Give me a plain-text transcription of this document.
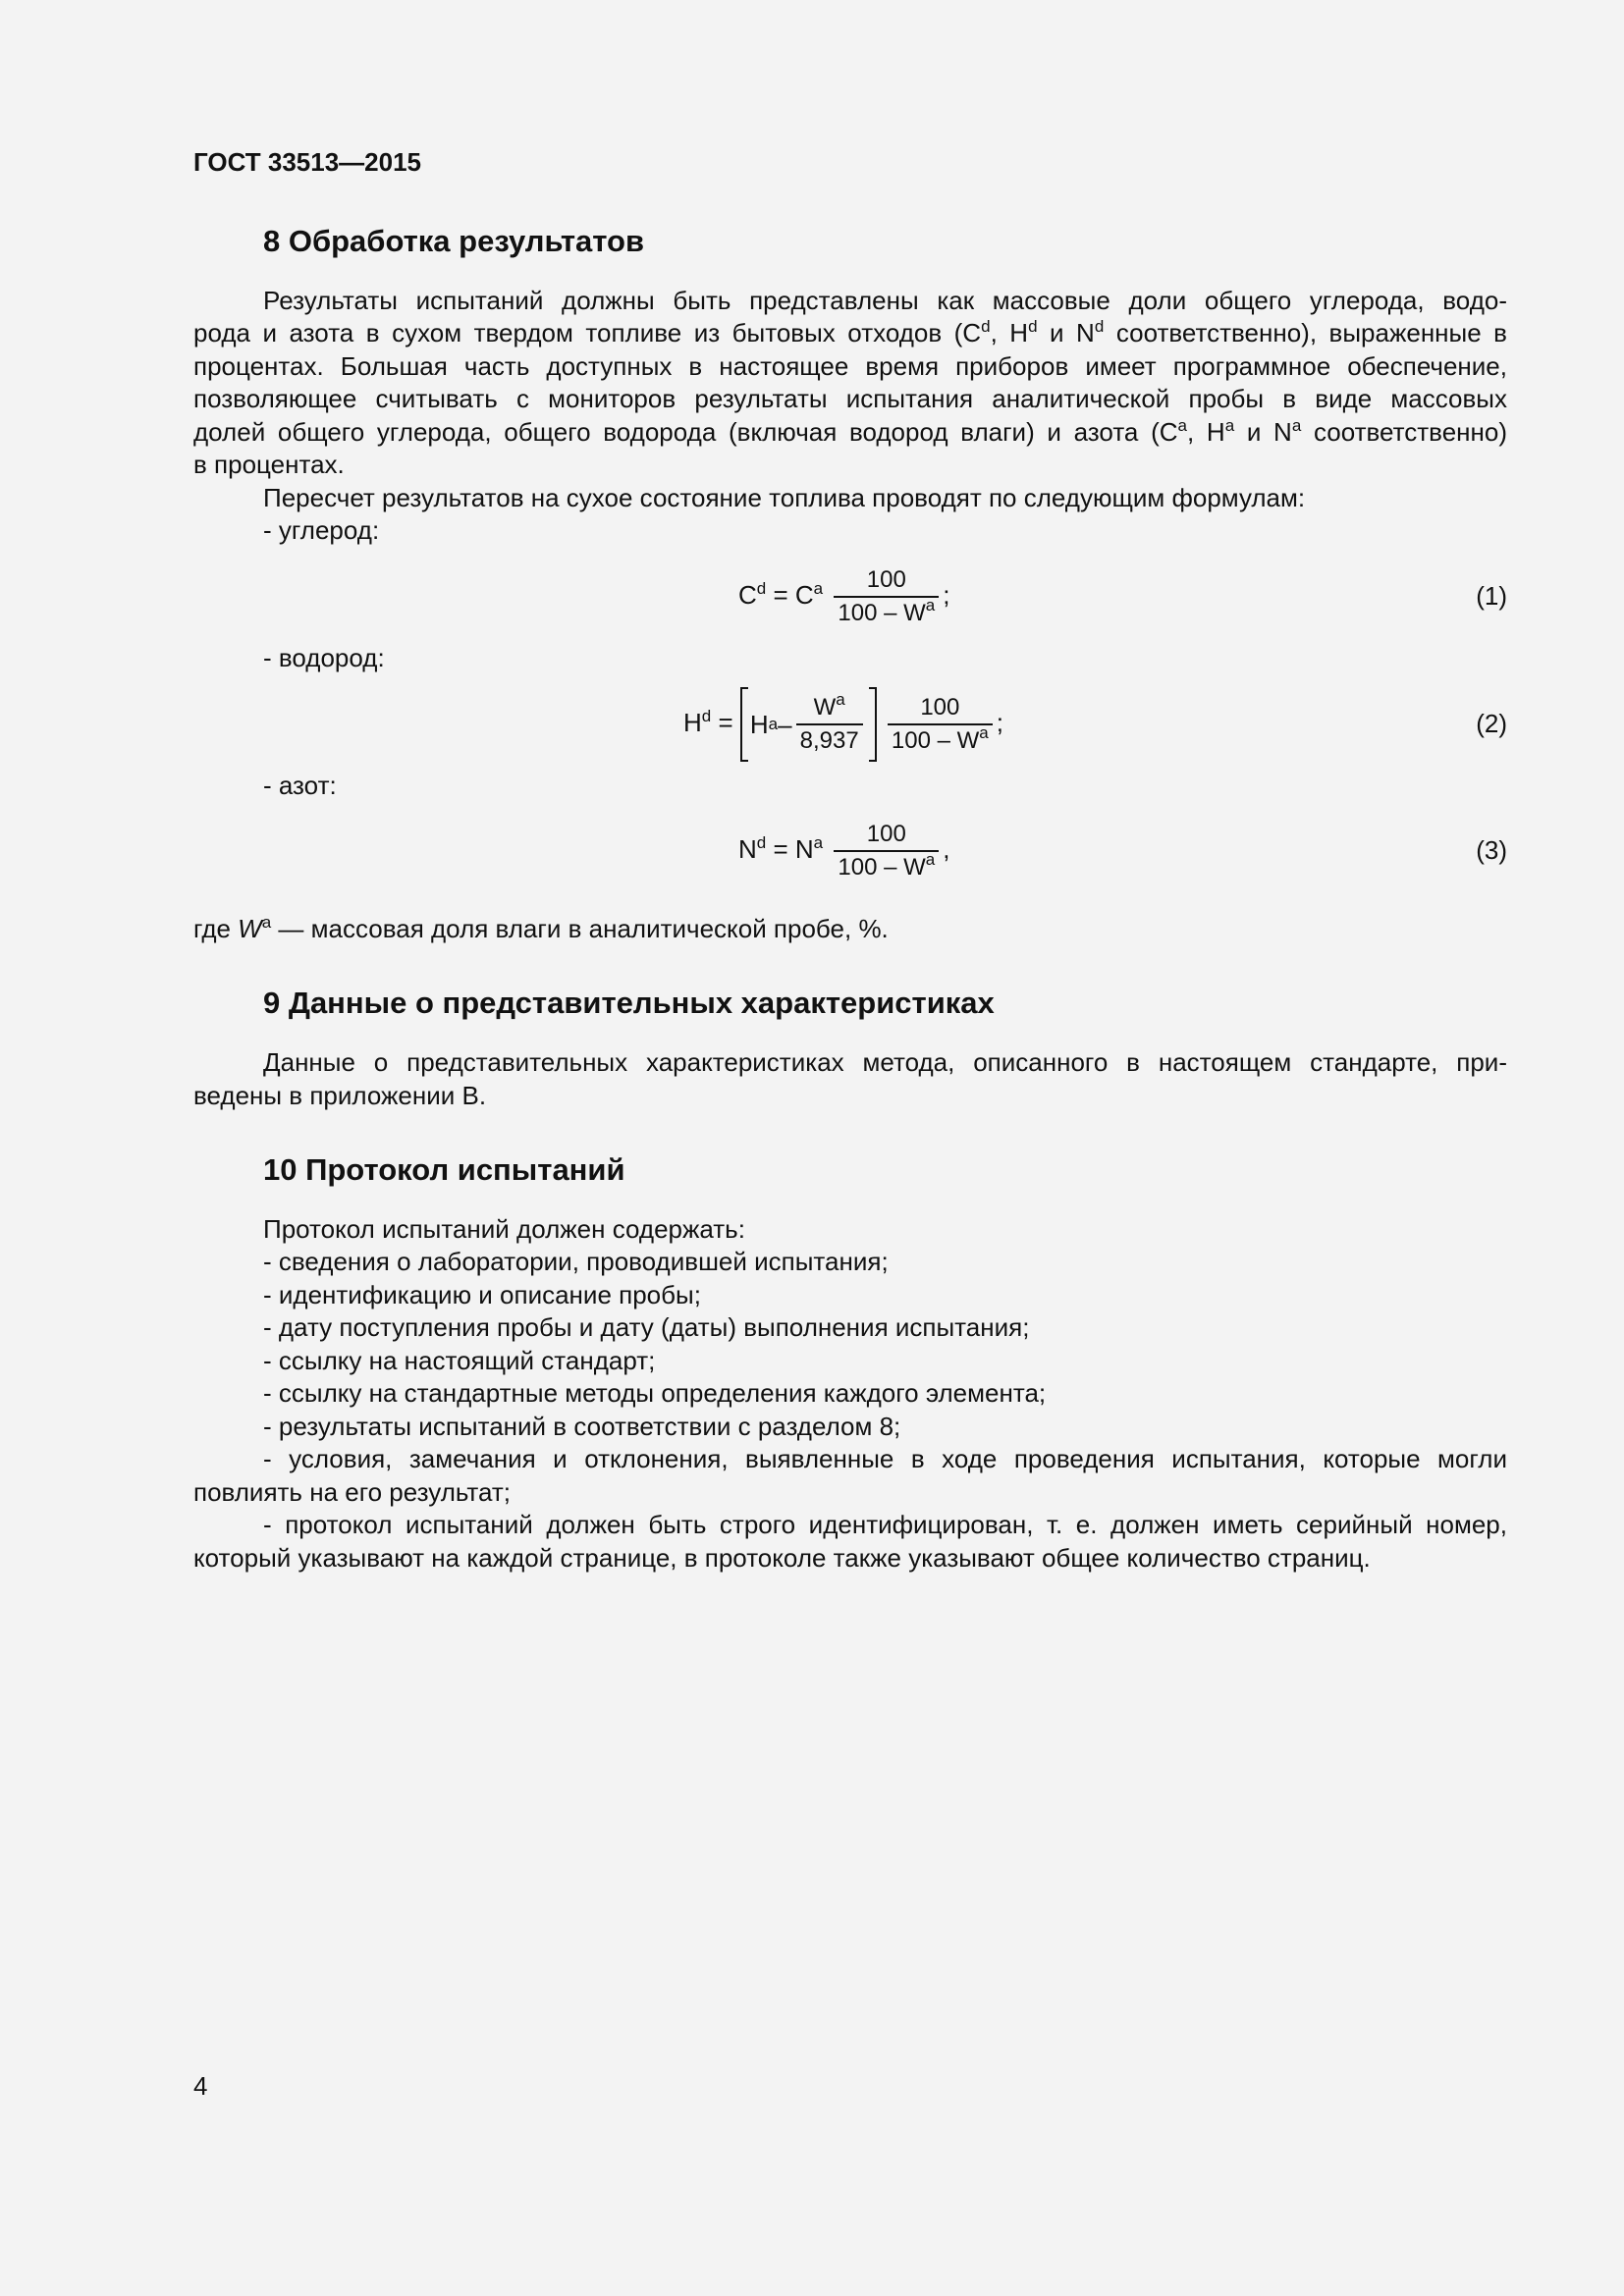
ГОСТ 33513—2015
8 Обработка результатов
Результаты испытаний должны быть представлены как массовые доли общего углерода, водо-
рода и азота в сухом твердом топливе из бытовых отходов ($C^d$, $H^d$ и $N^d$ соответственно), выраженные в
процентах. Большая часть доступных в настоящее время приборов имеет программное обеспечение,
позволяющее считывать с мониторов результаты испытания аналитической пробы в виде массовых
долей общего углерода, общего водорода (включая водород влаги) и азота ($C^a$, $H^a$ и $N^a$ соответственно)
в процентах.
Пересчет результатов на сухое состояние топлива проводят по следующим формулам:
- углерод:
$C^d = C^a \frac{100}{100 - W^a}$ ;	(1)
- водород:
$H^d = H$ a – $\frac{W^a}{8,937}$
$\frac{100}{100 - W^a}$ ;	(2)
- азот:
$N^d = N^a \frac{100}{100 - W^a}$ ,	(3)
где $W^a$ — массовая доля влаги в аналитической пробе, %.
9 Данные о представительных характеристиках
Данные о представительных характеристиках метода, описанного в настоящем стандарте, при-
ведены в приложении В.
10 Протокол испытаний
Протокол испытаний должен содержать:
- сведения о лаборатории, проводившей испытания;
- идентификацию и описание пробы;
- дату поступления пробы и дату (даты) выполнения испытания;
- ссылку на настоящий стандарт;
- ссылку на стандартные методы определения каждого элемента;
- результаты испытаний в соответствии с разделом 8;
- условия, замечания и отклонения, выявленные в ходе проведения испытания, которые могли
повлиять на его результат;
- протокол испытаний должен быть строго идентифицирован, т. е. должен иметь серийный номер,
который указывают на каждой странице, в протоколе также указывают общее количество страниц.
4
